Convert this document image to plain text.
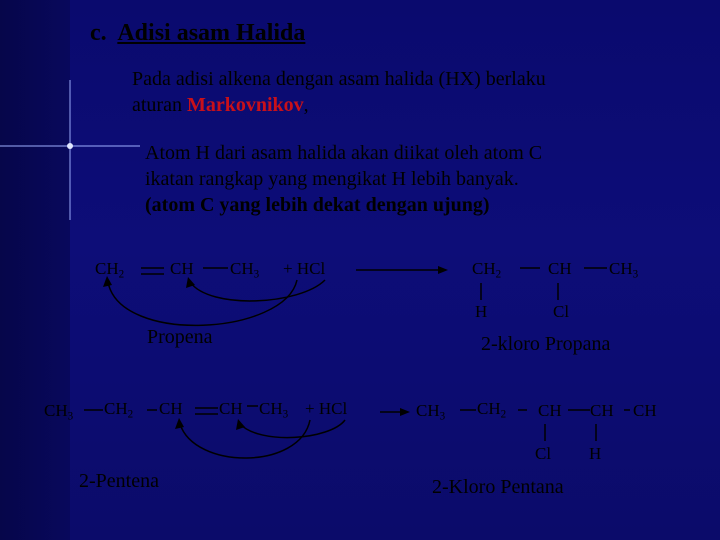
c. Adisi asam Halida
Pada adisi alkena dengan asam halida (HX) berlaku
aturan Markovnikov,
Atom H dari asam halida akan diikat oleh atom C
ikatan rangkap yang mengikat H lebih banyak.
(atom C yang lebih dekat dengan ujung)
$CH_2$	CH $CH_3$ + HCl	$CH_2$	CH $CH_3$
H	Cl
Propena	2-kloro Propana
$CH_3$ $CH_2$ CH CH $CH_3$ + HCl	$CH_3$ $CH_2$ CH CH CH
Cl H
2-Pentena	2-Kloro Pentana
